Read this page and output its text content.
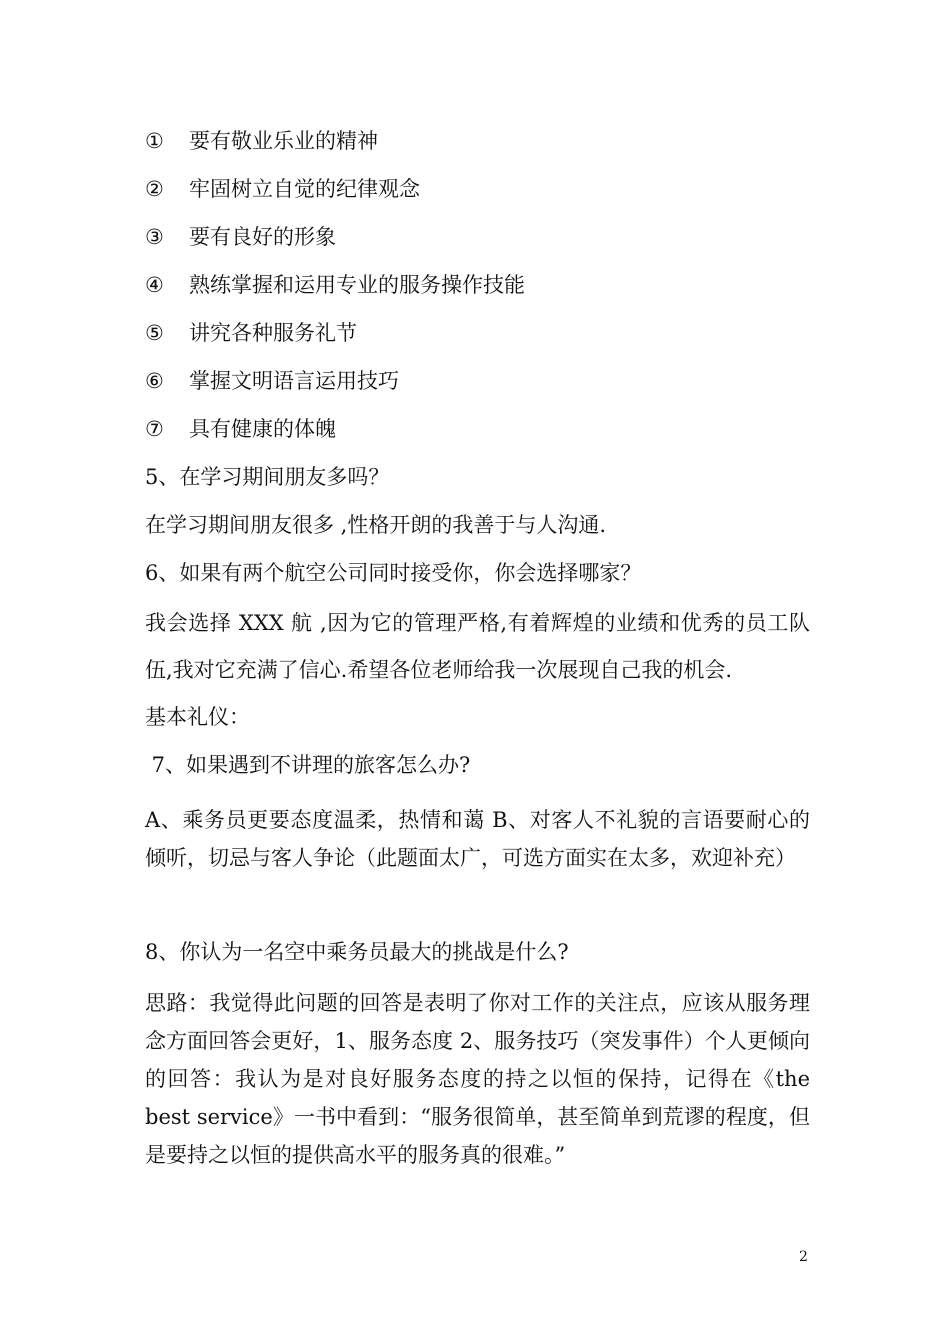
① 要有敬业乐业的精神
② 牢固树立自觉的纪律观念
③ 要有良好的形象
④ 熟练掌握和运用专业的服务操作技能
⑤ 讲究各种服务礼节
⑥ 掌握文明语言运用技巧
⑦ 具有健康的体魄
5、在学习期间朋友多吗？
在学习期间朋友很多 ,性格开朗的我善于与人沟通.
6、如果有两个航空公司同时接受你，你会选择哪家？
我会选择 XXX 航 ,因为它的管理严格,有着辉煌的业绩和优秀的员工队伍,我对它充满了信心.希望各位老师给我一次展现自己我的机会.
基本礼仪：
7、如果遇到不讲理的旅客怎么办?
A、乘务员更要态度温柔，热情和蔼 B、对客人不礼貌的言语要耐心的倾听，切忌与客人争论（此题面太广，可选方面实在太多，欢迎补充）
8、你认为一名空中乘务员最大的挑战是什么?
思路：我觉得此问题的回答是表明了你对工作的关注点，应该从服务理念方面回答会更好，1、服务态度 2、服务技巧（突发事件）个人更倾向的回答：我认为是对良好服务态度的持之以恒的保持，记得在《the best service》一书中看到：“服务很简单，甚至简单到荒谬的程度，但是要持之以恒的提供高水平的服务真的很难。”
2
